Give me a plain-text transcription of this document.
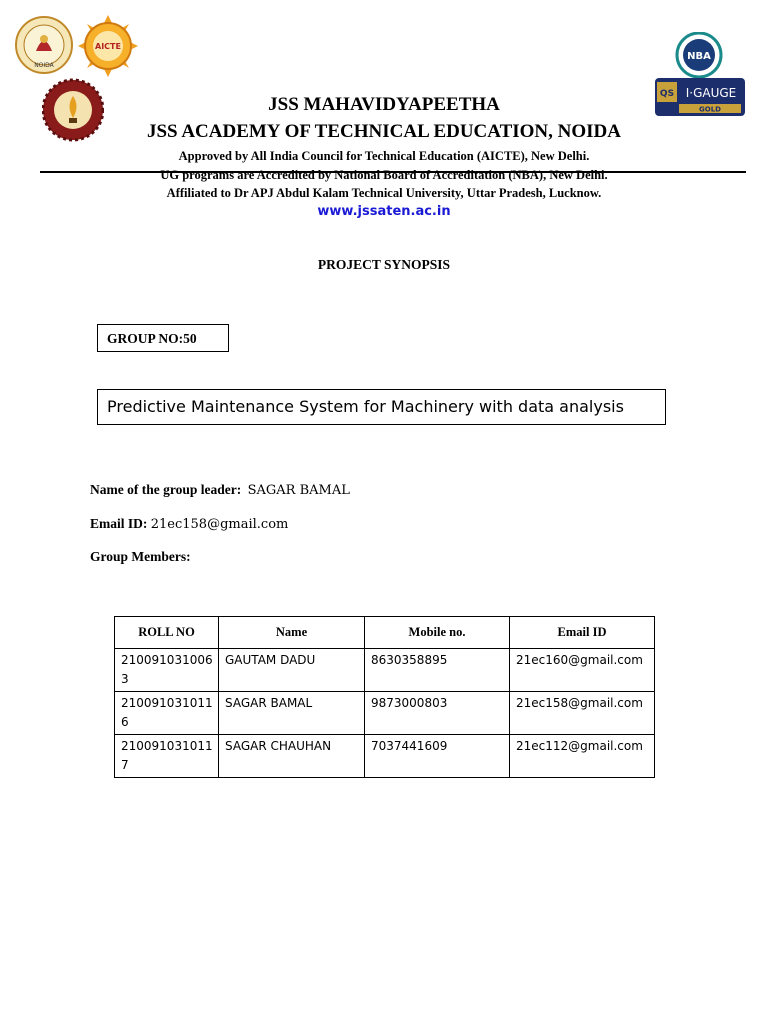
NOIDA
AICTE
NBA
QS I·GAUGE
GOLD
JSS MAHAVIDYAPEETHA
JSS ACADEMY OF TECHNICAL EDUCATION, NOIDA
Approved by All India Council for Technical Education (AICTE), New Delhi.
UG programs are Accredited by National Board of Accreditation (NBA), New Delhi.
Affiliated to Dr APJ Abdul Kalam Technical University, Uttar Pradesh, Lucknow.
www.jssaten.ac.in
PROJECT SYNOPSIS
GROUP NO:50
Predictive Maintenance System for Machinery with data analysis
Name of the group leader: SAGAR BAMAL
Email ID: 21ec158@gmail.com
Group Members:
ROLL NO	Name	Mobile no.	Email ID
2100910310063	GAUTAM DADU	8630358895	21ec160@gmail.com
2100910310116	SAGAR BAMAL	9873000803	21ec158@gmail.com
2100910310117	SAGAR CHAUHAN	7037441609	21ec112@gmail.com
